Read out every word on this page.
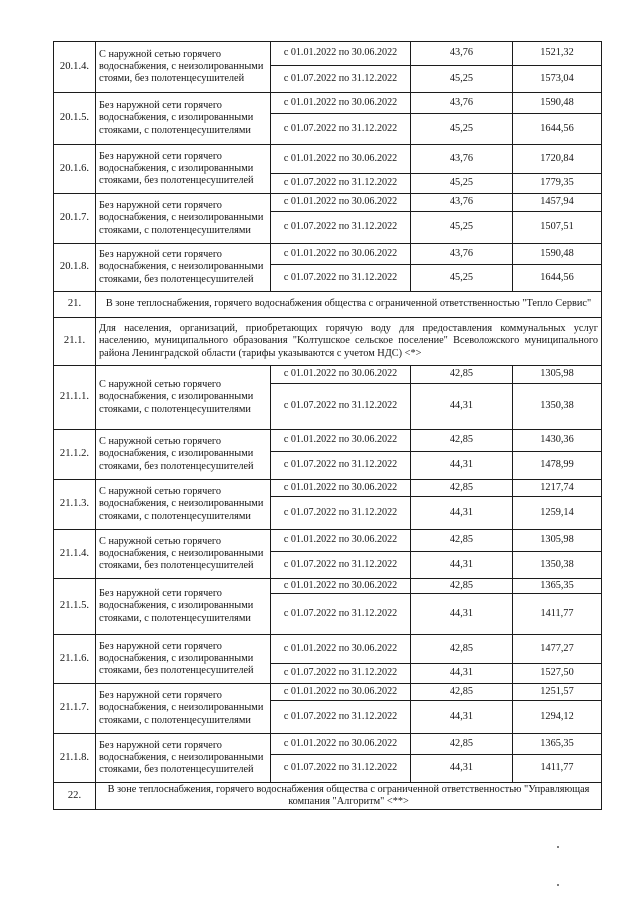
20.1.4.	С наружной сетью горячего водоснабжения, с неизолированными стоями, без полотенцесушителей	с 01.01.2022 по 30.06.2022	43,76	1521,32
		с 01.07.2022 по 31.12.2022	45,25	1573,04
20.1.5.	Без наружной сети горячего водоснабжения, с изолированными стояками, с полотенцесушителями	с 01.01.2022 по 30.06.2022	43,76	1590,48
		с 01.07.2022 по 31.12.2022	45,25	1644,56
20.1.6.	Без наружной сети горячего водоснабжения, с изолированными стояками, без полотенцесушителей	с 01.01.2022 по 30.06.2022	43,76	1720,84
		с 01.07.2022 по 31.12.2022	45,25	1779,35
20.1.7.	Без наружной сети горячего водоснабжения, с неизолированными стояками, с полотенцесушителями	с 01.01.2022 по 30.06.2022	43,76	1457,94
		с 01.07.2022 по 31.12.2022	45,25	1507,51
20.1.8.	Без наружной сети горячего водоснабжения, с неизолированными стояками, без полотенцесушителей	с 01.01.2022 по 30.06.2022	43,76	1590,48
		с 01.07.2022 по 31.12.2022	45,25	1644,56
21.	В зоне теплоснабжения, горячего водоснабжения общества с ограниченной ответственностью "Тепло Сервис"			
21.1.	Для населения, организаций, приобретающих горячую воду для предоставления коммунальных услуг населению, муниципального образования "Колтушское сельское поселение" Всеволожского муниципального района Ленинградской области (тарифы указываются с учетом НДС) <*>			
21.1.1.	С наружной сетью горячего водоснабжения, с изолированными стояками, с полотенцесушителями	с 01.01.2022 по 30.06.2022	42,85	1305,98
		с 01.07.2022 по 31.12.2022	44,31	1350,38
21.1.2.	С наружной сетью горячего водоснабжения, с изолированными стояками, без полотенцесушителей	с 01.01.2022 по 30.06.2022	42,85	1430,36
		с 01.07.2022 по 31.12.2022	44,31	1478,99
21.1.3.	С наружной сетью горячего водоснабжения, с неизолированными стояками, с полотенцесушителями	с 01.01.2022 по 30.06.2022	42,85	1217,74
		с 01.07.2022 по 31.12.2022	44,31	1259,14
21.1.4.	С наружной сетью горячего водоснабжения, с неизолированными стояками, без полотенцесушителей	с 01.01.2022 по 30.06.2022	42,85	1305,98
		с 01.07.2022 по 31.12.2022	44,31	1350,38
21.1.5.	Без наружной сети горячего водоснабжения, с изолированными стояками, с полотенцесушителями	с 01.01.2022 по 30.06.2022	42,85	1365,35
		с 01.07.2022 по 31.12.2022	44,31	1411,77
21.1.6.	Без наружной сети горячего водоснабжения, с изолированными стояками, без полотенцесушителей	с 01.01.2022 по 30.06.2022	42,85	1477,27
		с 01.07.2022 по 31.12.2022	44,31	1527,50
21.1.7.	Без наружной сети горячего водоснабжения, с неизолированными стояками, с полотенцесушителями	с 01.01.2022 по 30.06.2022	42,85	1251,57
		с 01.07.2022 по 31.12.2022	44,31	1294,12
21.1.8.	Без наружной сети горячего водоснабжения, с неизолированными стояками, без полотенцесушителей	с 01.01.2022 по 30.06.2022	42,85	1365,35
		с 01.07.2022 по 31.12.2022	44,31	1411,77
22.	В зоне теплоснабжения, горячего водоснабжения общества с ограниченной ответственностью "Управляющая компания "Алгоритм" <**>			
